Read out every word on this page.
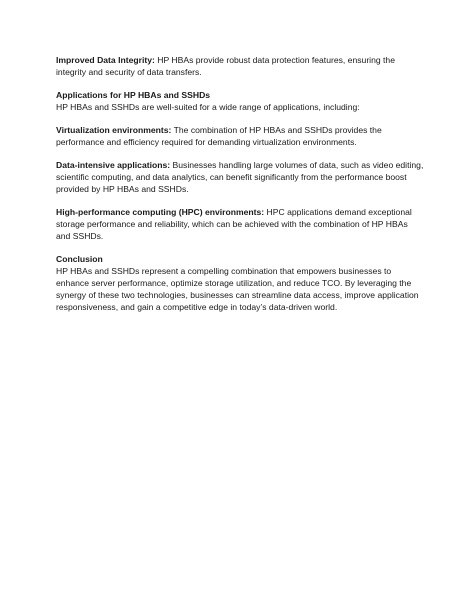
Improved Data Integrity: HP HBAs provide robust data protection features, ensuring the integrity and security of data transfers.

Applications for HP HBAs and SSHDs

HP HBAs and SSHDs are well-suited for a wide range of applications, including:

Virtualization environments: The combination of HP HBAs and SSHDs provides the performance and efficiency required for demanding virtualization environments.

Data-intensive applications: Businesses handling large volumes of data, such as video editing, scientific computing, and data analytics, can benefit significantly from the performance boost provided by HP HBAs and SSHDs.

High-performance computing (HPC) environments: HPC applications demand exceptional storage performance and reliability, which can be achieved with the combination of HP HBAs and SSHDs.

Conclusion

HP HBAs and SSHDs represent a compelling combination that empowers businesses to enhance server performance, optimize storage utilization, and reduce TCO. By leveraging the synergy of these two technologies, businesses can streamline data access, improve application responsiveness, and gain a competitive edge in today’s data-driven world.
